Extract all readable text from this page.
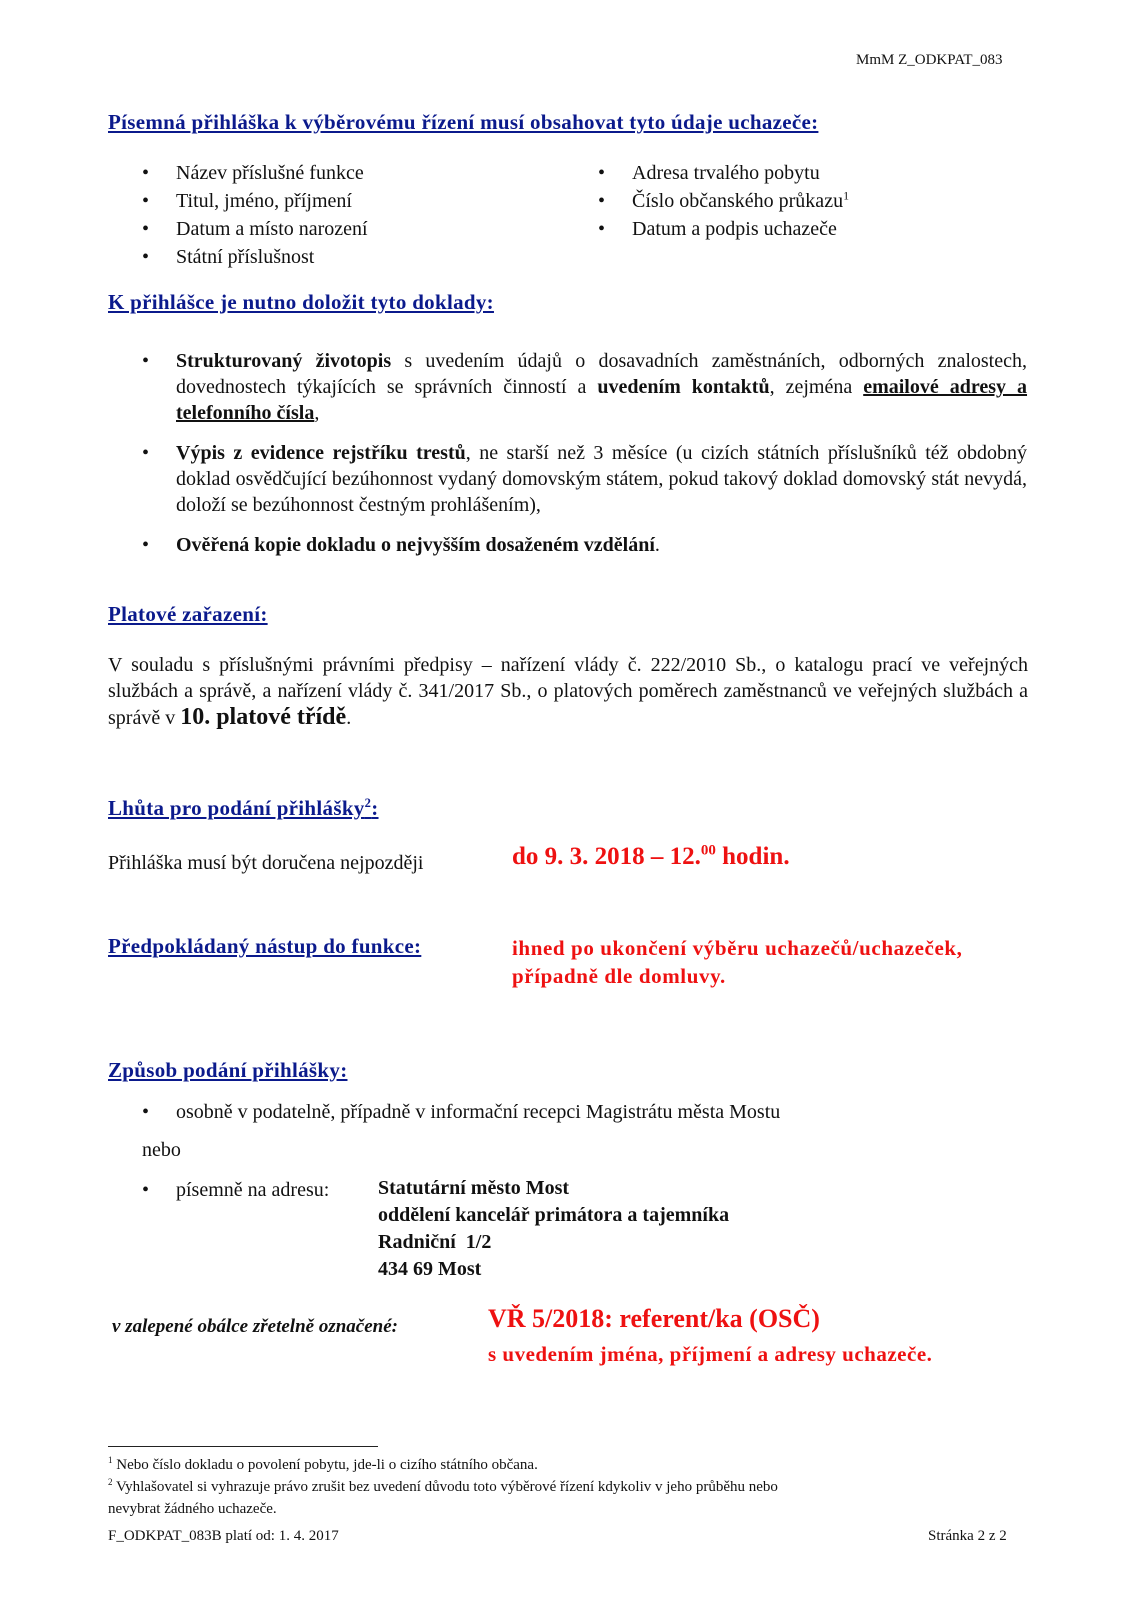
MmM Z_ODKPAT_083
Písemná přihláška k výběrovému řízení musí obsahovat tyto údaje uchazeče:
• Název příslušné funkce
• Titul, jméno, příjmení
• Datum a místo narození
• Státní příslušnost
• Adresa trvalého pobytu
• Číslo občanského průkazu$^1$
• Datum a podpis uchazeče
K přihlášce je nutno doložit tyto doklady:
• Strukturovaný životopis s uvedením údajů o dosavadních zaměstnáních, odborných znalostech, dovednostech týkajících se správních činností a uvedením kontaktů, zejména emailové adresy a telefonního čísla,
• Výpis z evidence rejstříku trestů, ne starší než 3 měsíce (u cizích státních příslušníků též obdobný doklad osvědčující bezúhonnost vydaný domovským státem, pokud takový doklad domovský stát nevydá, doloží se bezúhonnost čestným prohlášením),
• Ověřená kopie dokladu o nejvyšším dosaženém vzdělání.
Platové zařazení:
V souladu s příslušnými právními předpisy – nařízení vlády č. 222/2010 Sb., o katalogu prací ve veřejných službách a správě, a nařízení vlády č. 341/2017 Sb., o platových poměrech zaměstnanců ve veřejných službách a správě v 10. platové třídě.
Lhůta pro podání přihlášky$^2$:
Přihláška musí být doručena nejpozději	do 9. 3. 2018 – 12.00 hodin.
Předpokládaný nástup do funkce:	ihned po ukončení výběru uchazečů/uchazeček,
případně dle domluvy.
Způsob podání přihlášky:
• osobně v podatelně, případně v informační recepci Magistrátu města Mostu
nebo
• písemně na adresu:	Statutární město Most
oddělení kancelář primátora a tajemníka
Radniční  1/2
434 69 Most
v zalepené obálce zřetelně označené:	VŘ 5/2018: referent/ka (OSČ)
s uvedením jména, příjmení a adresy uchazeče.
$^1$ Nebo číslo dokladu o povolení pobytu, jde-li o cizího státního občana.
$^2$ Vyhlašovatel si vyhrazuje právo zrušit bez uvedení důvodu toto výběrové řízení kdykoliv v jeho průběhu nebo
nevybrat žádného uchazeče.
F_ODKPAT_083B platí od: 1. 4. 2017	Stránka 2 z 2
